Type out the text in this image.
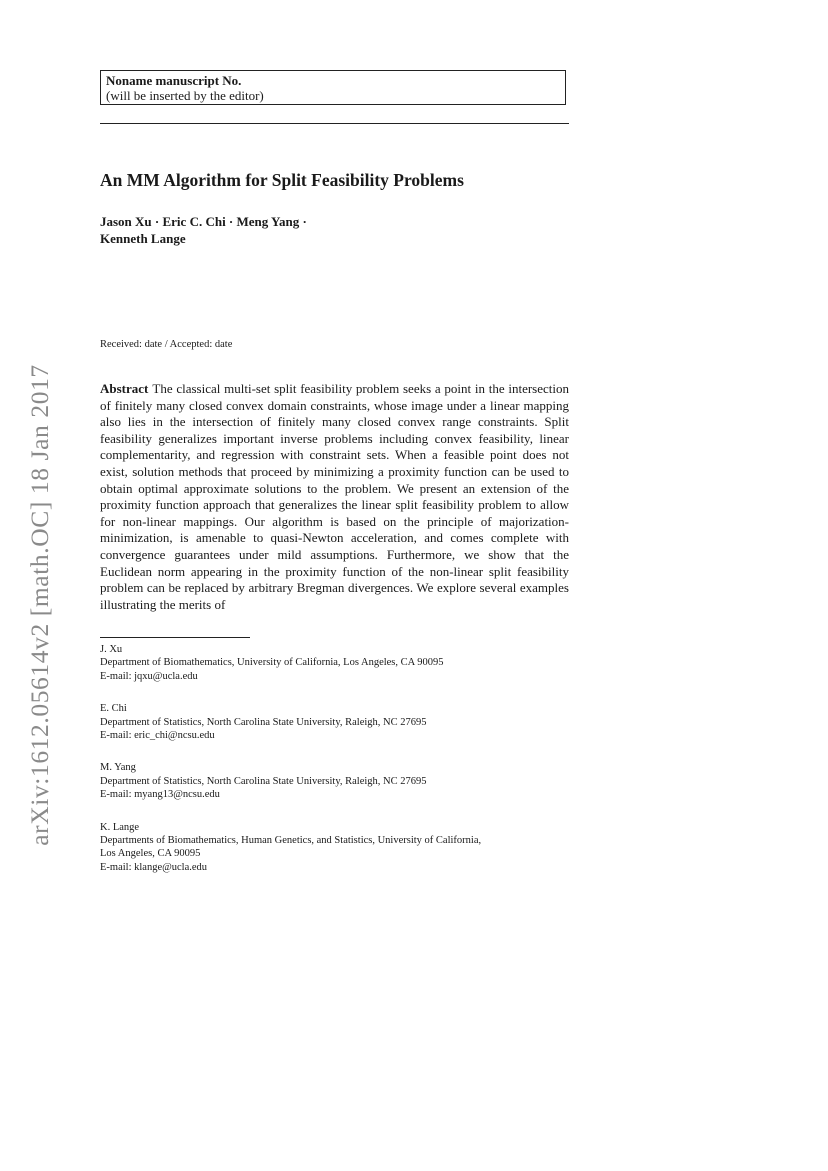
arXiv:1612.05614v2 [math.OC] 18 Jan 2017
Noname manuscript No.
(will be inserted by the editor)
An MM Algorithm for Split Feasibility Problems
Jason Xu · Eric C. Chi · Meng Yang ·
Kenneth Lange
Received: date / Accepted: date

Abstract The classical multi-set split feasibility problem seeks a point in the intersection of finitely many closed convex domain constraints, whose image under a linear mapping also lies in the intersection of finitely many closed convex range constraints. Split feasibility generalizes important inverse problems including convex feasibility, linear complementarity, and regression with constraint sets. When a feasible point does not exist, solution methods that proceed by minimizing a proximity function can be used to obtain optimal approximate solutions to the problem. We present an extension of the proximity function approach that generalizes the linear split feasibility problem to allow for non-linear mappings. Our algorithm is based on the principle of majorization-minimization, is amenable to quasi-Newton acceleration, and comes complete with convergence guarantees under mild assumptions. Furthermore, we show that the Euclidean norm appearing in the proximity function of the non-linear split feasibility problem can be replaced by arbitrary Bregman divergences. We explore several examples illustrating the merits of

J. Xu
Department of Biomathematics, University of California, Los Angeles, CA 90095
E-mail: jqxu@ucla.edu
E. Chi
Department of Statistics, North Carolina State University, Raleigh, NC 27695
E-mail: eric_chi@ncsu.edu
M. Yang
Department of Statistics, North Carolina State University, Raleigh, NC 27695
E-mail: myang13@ncsu.edu
K. Lange
Departments of Biomathematics, Human Genetics, and Statistics, University of California,
Los Angeles, CA 90095
E-mail: klange@ucla.edu
